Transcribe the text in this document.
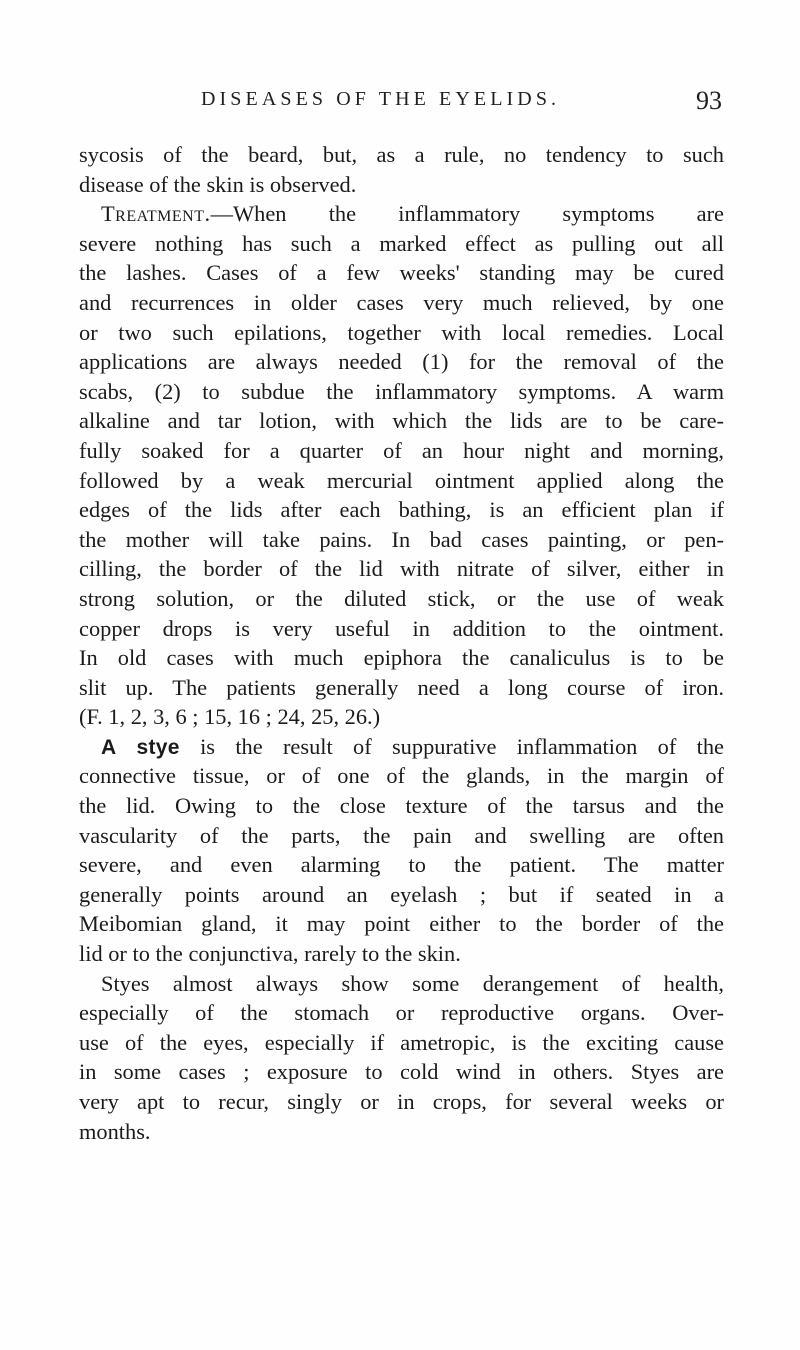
DISEASES OF THE EYELIDS.	93
sycosis of the beard, but, as a rule, no tendency to such
disease of the skin is observed.
Treatment.—When the inflammatory symptoms are
severe nothing has such a marked effect as pulling out all
the lashes. Cases of a few weeks' standing may be cured
and recurrences in older cases very much relieved, by one
or two such epilations, together with local remedies. Local
applications are always needed (1) for the removal of the
scabs, (2) to subdue the inflammatory symptoms. A warm
alkaline and tar lotion, with which the lids are to be care-
fully soaked for a quarter of an hour night and morning,
followed by a weak mercurial ointment applied along the
edges of the lids after each bathing, is an efficient plan if
the mother will take pains. In bad cases painting, or pen-
cilling, the border of the lid with nitrate of silver, either in
strong solution, or the diluted stick, or the use of weak
copper drops is very useful in addition to the ointment.
In old cases with much epiphora the canaliculus is to be
slit up. The patients generally need a long course of iron.
(F. 1, 2, 3, 6 ; 15, 16 ; 24, 25, 26.)
A stye is the result of suppurative inflammation of the
connective tissue, or of one of the glands, in the margin of
the lid. Owing to the close texture of the tarsus and the
vascularity of the parts, the pain and swelling are often
severe, and even alarming to the patient. The matter
generally points around an eyelash ; but if seated in a
Meibomian gland, it may point either to the border of the
lid or to the conjunctiva, rarely to the skin.
Styes almost always show some derangement of health,
especially of the stomach or reproductive organs. Over-
use of the eyes, especially if ametropic, is the exciting cause
in some cases ; exposure to cold wind in others. Styes are
very apt to recur, singly or in crops, for several weeks or
months.
